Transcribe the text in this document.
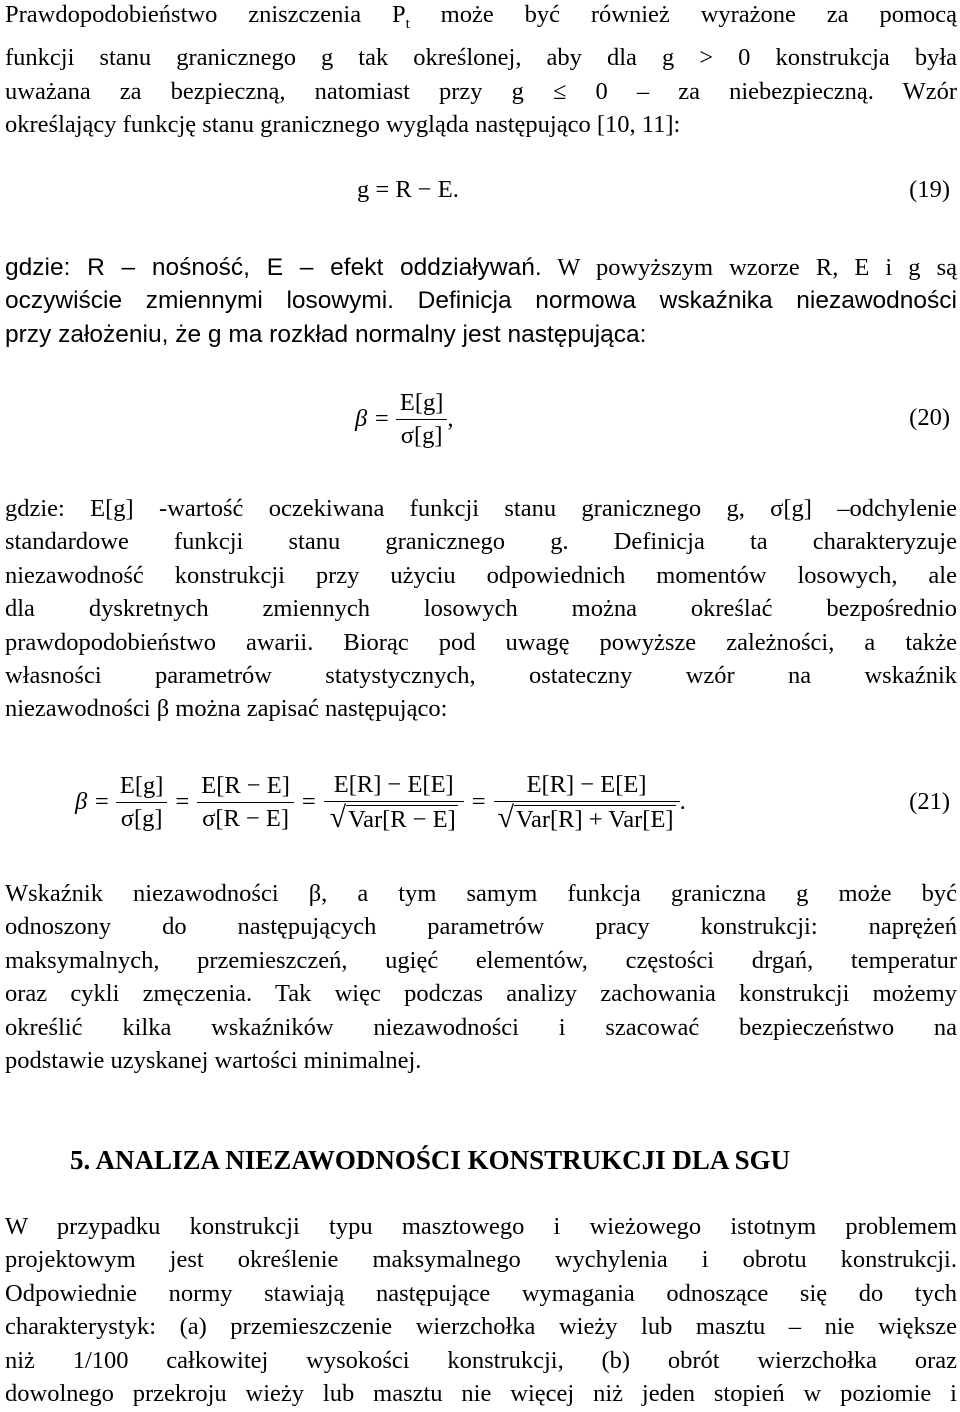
Prawdopodobieństwo zniszczenia $P_t$ może być również wyrażone za pomocą
funkcji stanu granicznego g tak określonej, aby dla g > 0 konstrukcja była
uważana za bezpieczną, natomiast przy g ≤ 0 – za niebezpieczną. Wzór
określający funkcję stanu granicznego wygląda następująco [10, 11]:
g = R − E.	(19)
gdzie: R – nośność, E – efekt oddziaływań. W powyższym wzorze R, E i g są
oczywiście zmiennymi losowymi. Definicja normowa wskaźnika niezawodności
przy założeniu, że g ma rozkład normalny jest następująca:
$\beta = \frac{E[g]}{\sigma[g]}$ ,	(20)
gdzie: E[g] -wartość oczekiwana funkcji stanu granicznego g, σ[g] –odchylenie
standardowe funkcji stanu granicznego g. Definicja ta charakteryzuje
niezawodność konstrukcji przy użyciu odpowiednich momentów losowych, ale
dla dyskretnych zmiennych losowych można określać bezpośrednio
prawdopodobieństwo awarii. Biorąc pod uwagę powyższe zależności, a także
własności parametrów statystycznych, ostateczny wzór na wskaźnik
niezawodności β można zapisać następująco:
$\beta = \frac{E[g]}{\sigma[g]} = \frac{E[R - E]}{\sigma[R - E]} = \frac{E[R] - E[E]}{\text{√Var[R − E]}} = \frac{E[R] - E[E]}{\text{√Var[R] + Var[E]}}$ .	(21)
Wskaźnik niezawodności β, a tym samym funkcja graniczna g może być
odnoszony do następujących parametrów pracy konstrukcji: naprężeń
maksymalnych, przemieszczeń, ugięć elementów, częstości drgań, temperatur
oraz cykli zmęczenia. Tak więc podczas analizy zachowania konstrukcji możemy
określić kilka wskaźników niezawodności i szacować bezpieczeństwo na
podstawie uzyskanej wartości minimalnej.
5. ANALIZA NIEZAWODNOŚCI KONSTRUKCJI DLA SGU
W przypadku konstrukcji typu masztowego i wieżowego istotnym problemem
projektowym jest określenie maksymalnego wychylenia i obrotu konstrukcji.
Odpowiednie normy stawiają następujące wymagania odnoszące się do tych
charakterystyk: (a) przemieszczenie wierzchołka wieży lub masztu – nie większe
niż 1/100 całkowitej wysokości konstrukcji, (b) obrót wierzchołka oraz
dowolnego przekroju wieży lub masztu nie więcej niż jeden stopień w poziomie i
